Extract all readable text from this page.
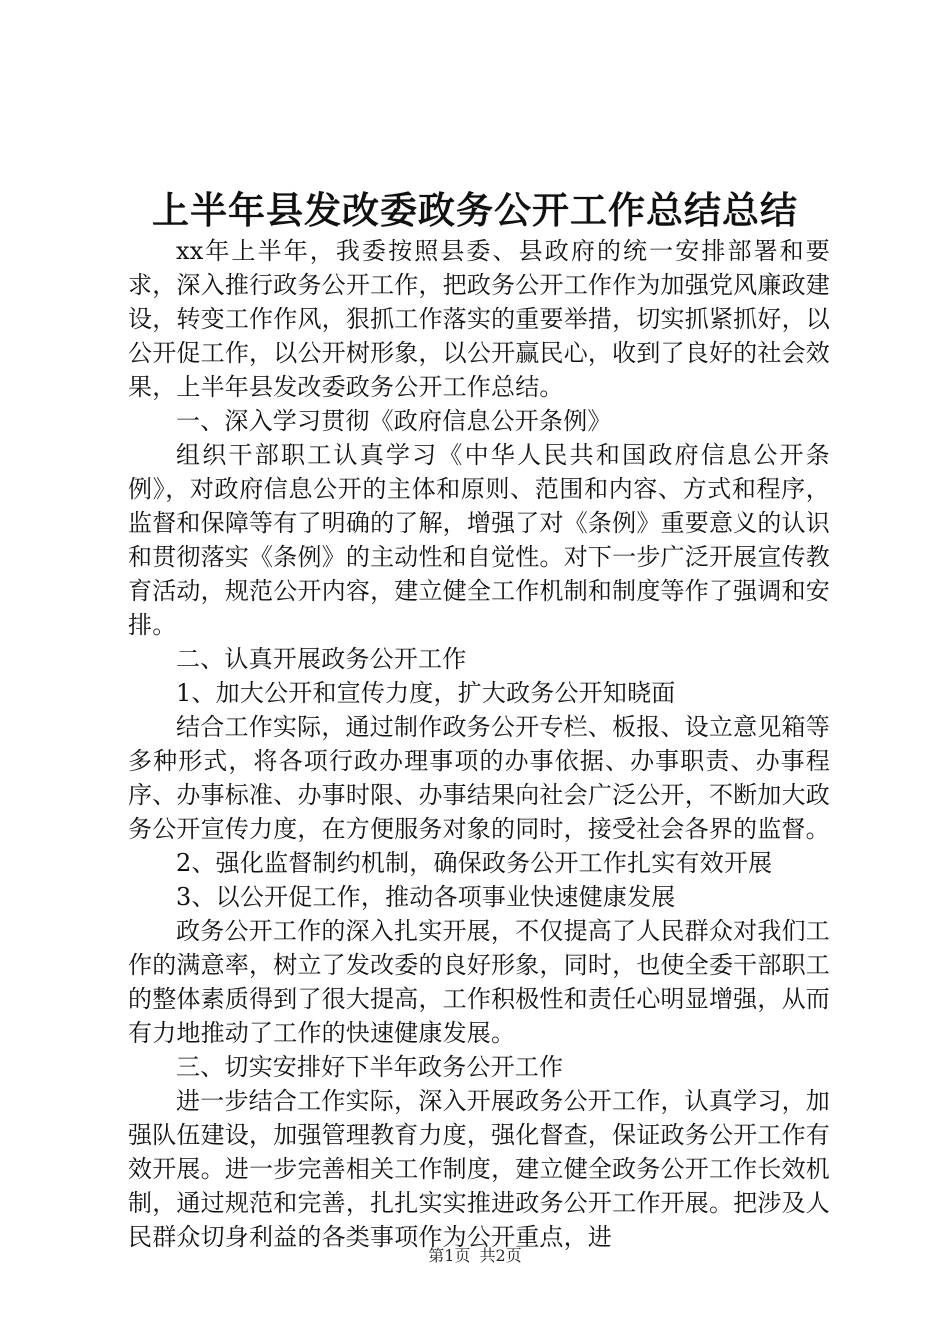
上半年县发改委政务公开工作总结总结

xx年上半年，我委按照县委、县政府的统一安排部署和要求，深入推行政务公开工作，把政务公开工作作为加强党风廉政建设，转变工作作风，狠抓工作落实的重要举措，切实抓紧抓好，以公开促工作，以公开树形象，以公开赢民心，收到了良好的社会效果，上半年县发改委政务公开工作总结。

一、深入学习贯彻《政府信息公开条例》

组织干部职工认真学习《中华人民共和国政府信息公开条例》，对政府信息公开的主体和原则、范围和内容、方式和程序，监督和保障等有了明确的了解，增强了对《条例》重要意义的认识和贯彻落实《条例》的主动性和自觉性。对下一步广泛开展宣传教育活动，规范公开内容，建立健全工作机制和制度等作了强调和安排。

二、认真开展政务公开工作

1、加大公开和宣传力度，扩大政务公开知晓面

结合工作实际，通过制作政务公开专栏、板报、设立意见箱等多种形式，将各项行政办理事项的办事依据、办事职责、办事程序、办事标准、办事时限、办事结果向社会广泛公开，不断加大政务公开宣传力度，在方便服务对象的同时，接受社会各界的监督。

2、强化监督制约机制，确保政务公开工作扎实有效开展

3、以公开促工作，推动各项事业快速健康发展

政务公开工作的深入扎实开展，不仅提高了人民群众对我们工作的满意率，树立了发改委的良好形象，同时，也使全委干部职工的整体素质得到了很大提高，工作积极性和责任心明显增强，从而有力地推动了工作的快速健康发展。

三、切实安排好下半年政务公开工作

进一步结合工作实际，深入开展政务公开工作，认真学习，加强队伍建设，加强管理教育力度，强化督查，保证政务公开工作有效开展。进一步完善相关工作制度，建立健全政务公开工作长效机制，通过规范和完善，扎扎实实推进政务公开工作开展。把涉及人民群众切身利益的各类事项作为公开重点，进

第1页 共2页
